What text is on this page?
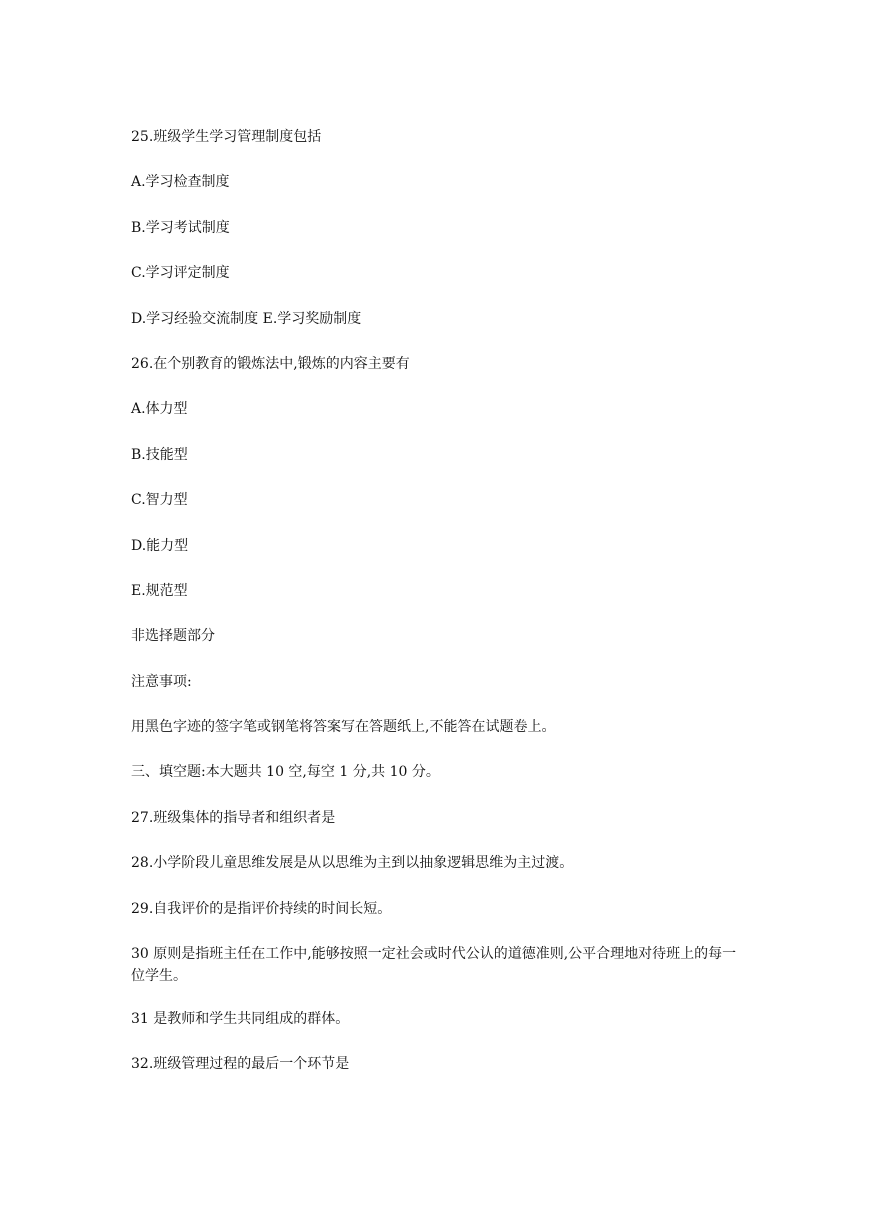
25.班级学生学习管理制度包括

A.学习检查制度

B.学习考试制度

C.学习评定制度

D.学习经验交流制度 E.学习奖励制度

26.在个别教育的锻炼法中,锻炼的内容主要有

A.体力型

B.技能型

C.智力型

D.能力型

E.规范型

非选择题部分

注意事项:

用黑色字迹的签字笔或钢笔将答案写在答题纸上,不能答在试题卷上。

三、填空题:本大题共 10 空,每空 1 分,共 10 分。

27.班级集体的指导者和组织者是

28.小学阶段儿童思维发展是从以思维为主到以抽象逻辑思维为主过渡。

29.自我评价的是指评价持续的时间长短。

30 原则是指班主任在工作中,能够按照一定社会或时代公认的道德准则,公平合理地对待班上的每一位学生。

31 是教师和学生共同组成的群体。

32.班级管理过程的最后一个环节是
